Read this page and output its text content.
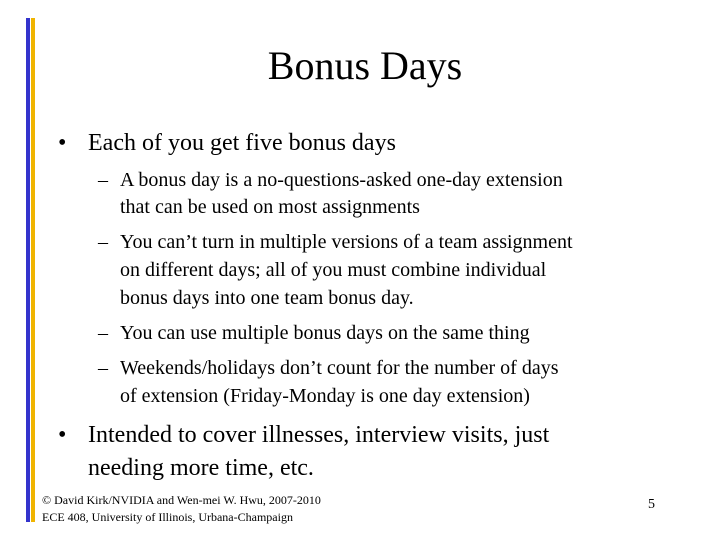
Bonus Days
• Each of you get five bonus days
– A bonus day is a no-questions-asked one-day extension
that can be used on most assignments
– You can’t turn in multiple versions of a team assignment
on different days; all of you must combine individual
bonus days into one team bonus day.
– You can use multiple bonus days on the same thing
– Weekends/holidays don’t count for the number of days
of extension (Friday-Monday is one day extension)
• Intended to cover illnesses, interview visits, just
needing more time, etc.
© David Kirk/NVIDIA and Wen-mei W. Hwu, 2007-2010
ECE 408, University of Illinois, Urbana-Champaign
5
